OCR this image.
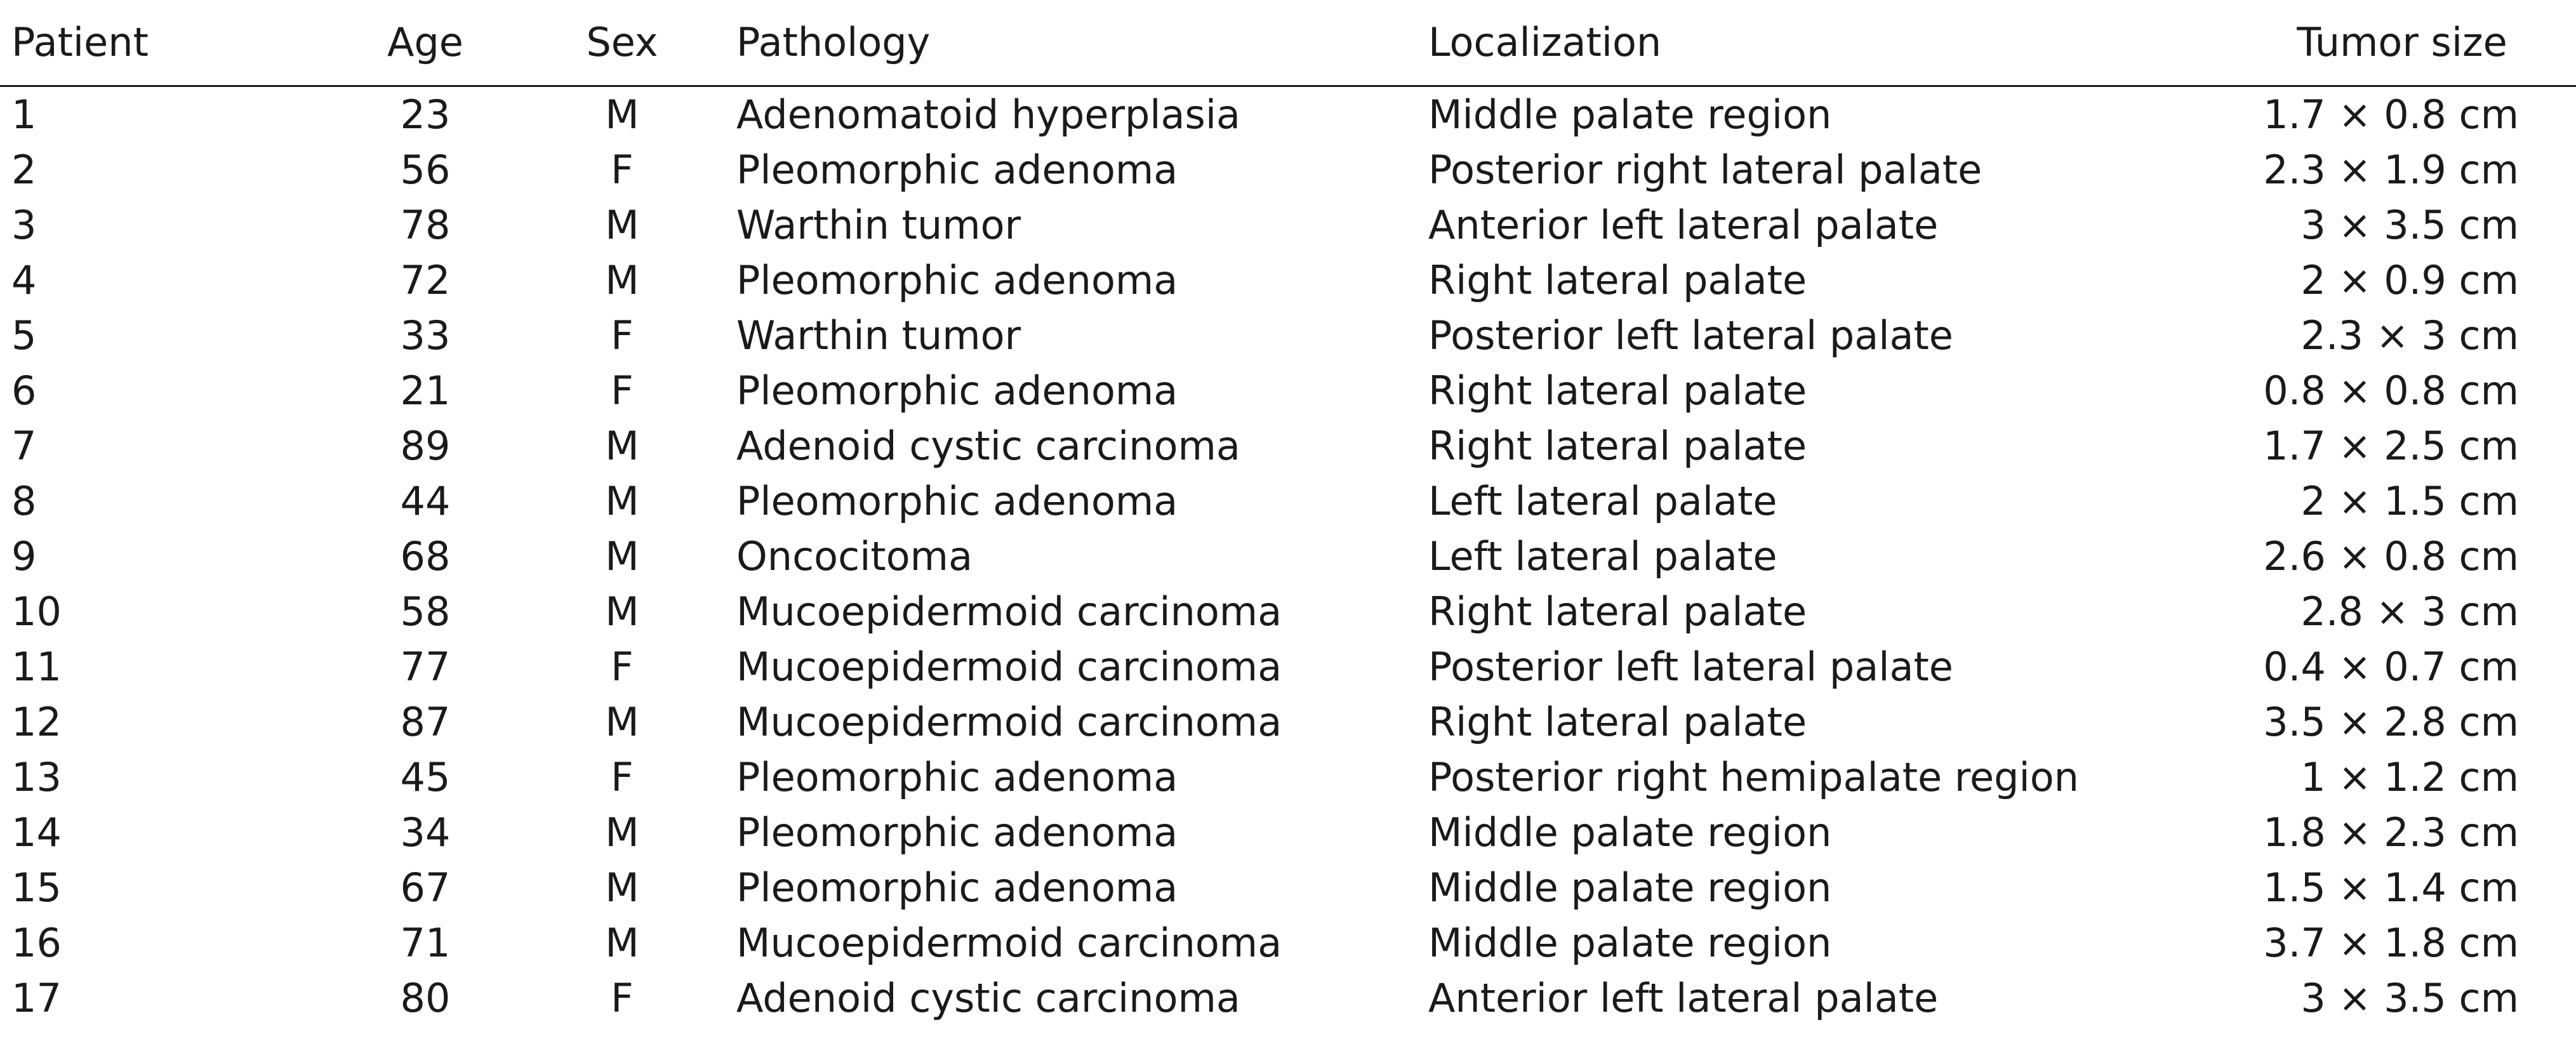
Patient	Age	Sex	Pathology	Localization	Tumor size
1	23	M	Adenomatoid hyperplasia	Middle palate region	1.7 × 0.8 cm
2	56	F	Pleomorphic adenoma	Posterior right lateral palate	2.3 × 1.9 cm
3	78	M	Warthin tumor	Anterior left lateral palate	3 × 3.5 cm
4	72	M	Pleomorphic adenoma	Right lateral palate	2 × 0.9 cm
5	33	F	Warthin tumor	Posterior left lateral palate	2.3 × 3 cm
6	21	F	Pleomorphic adenoma	Right lateral palate	0.8 × 0.8 cm
7	89	M	Adenoid cystic carcinoma	Right lateral palate	1.7 × 2.5 cm
8	44	M	Pleomorphic adenoma	Left lateral palate	2 × 1.5 cm
9	68	M	Oncocitoma	Left lateral palate	2.6 × 0.8 cm
10	58	M	Mucoepidermoid carcinoma	Right lateral palate	2.8 × 3 cm
11	77	F	Mucoepidermoid carcinoma	Posterior left lateral palate	0.4 × 0.7 cm
12	87	M	Mucoepidermoid carcinoma	Right lateral palate	3.5 × 2.8 cm
13	45	F	Pleomorphic adenoma	Posterior right hemipalate region	1 × 1.2 cm
14	34	M	Pleomorphic adenoma	Middle palate region	1.8 × 2.3 cm
15	67	M	Pleomorphic adenoma	Middle palate region	1.5 × 1.4 cm
16	71	M	Mucoepidermoid carcinoma	Middle palate region	3.7 × 1.8 cm
17	80	F	Adenoid cystic carcinoma	Anterior left lateral palate	3 × 3.5 cm
